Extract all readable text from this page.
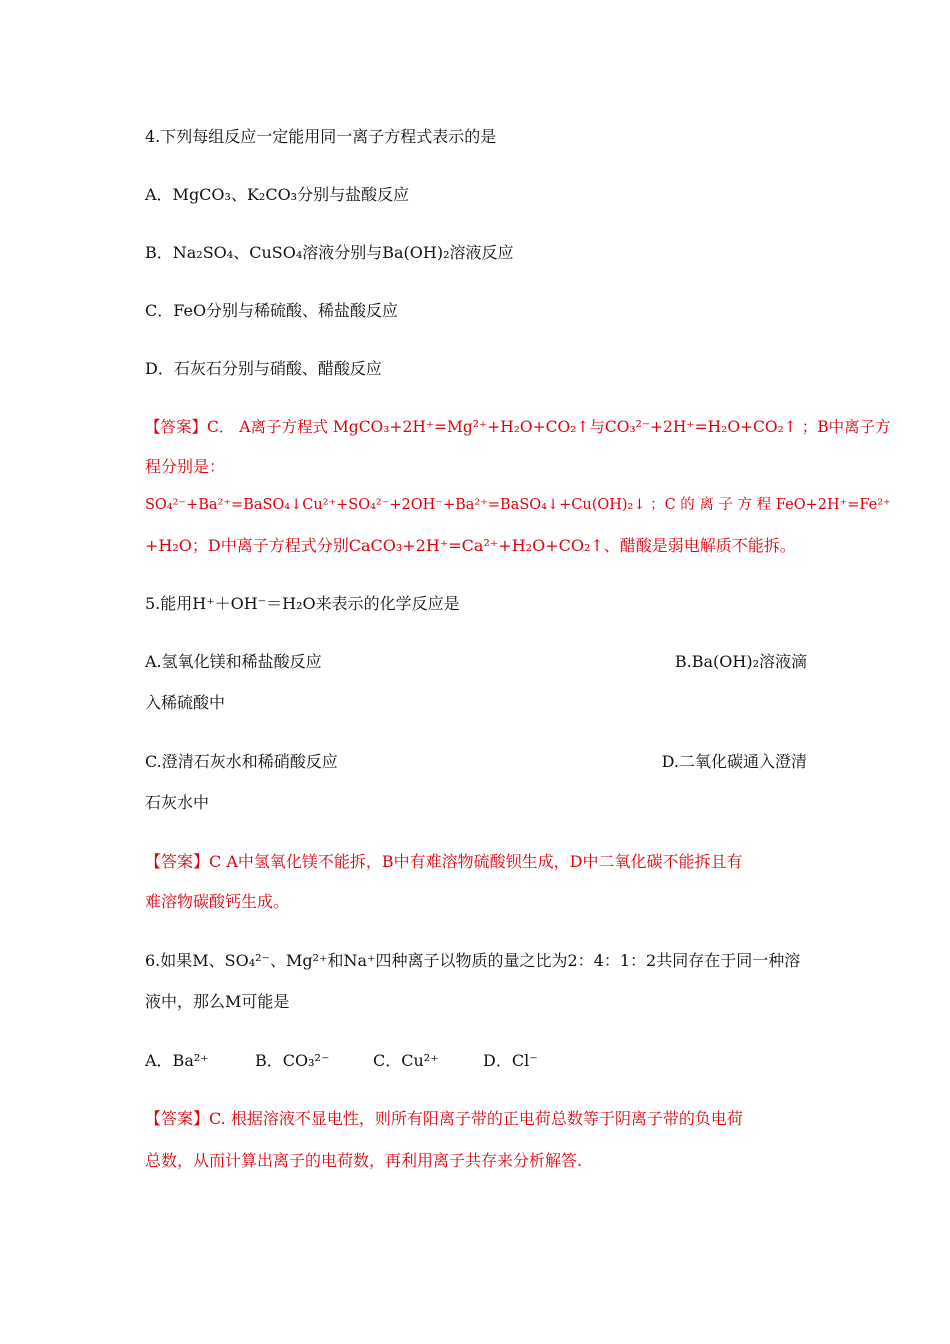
4.下列每组反应一定能用同一离子方程式表示的是
A．MgCO₃、K₂CO₃分别与盐酸反应
B．Na₂SO₄、CuSO₄溶液分别与Ba(OH)₂溶液反应
C．FeO分别与稀硫酸、稀盐酸反应
D．石灰石分别与硝酸、醋酸反应
【答案】C． A离子方程式 MgCO₃+2H⁺=Mg²⁺+H₂O+CO₂↑与CO₃²⁻+2H⁺=H₂O+CO₂↑ ；B中离子方
程分别是：
SO₄²⁻+Ba²⁺=BaSO₄↓Cu²⁺+SO₄²⁻+2OH⁻+Ba²⁺=BaSO₄↓+Cu(OH)₂↓ ；C 的 离 子 方 程 FeO+2H⁺=Fe²⁺
+H₂O；D中离子方程式分别CaCO₃+2H⁺=Ca²⁺+H₂O+CO₂↑、醋酸是弱电解质不能拆。
5.能用H⁺＋OH⁻＝H₂O来表示的化学反应是
A.氢氧化镁和稀盐酸反应	B.Ba(OH)₂溶液滴
入稀硫酸中
C.澄清石灰水和稀硝酸反应	D.二氧化碳通入澄清
石灰水中
【答案】C A中氢氧化镁不能拆，B中有难溶物硫酸钡生成，D中二氧化碳不能拆且有
难溶物碳酸钙生成。
6.如果M、SO₄²⁻、Mg²⁺和Na⁺四种离子以物质的量之比为2：4：1：2共同存在于同一种溶
液中，那么M可能是
A．Ba²⁺	B．CO₃²⁻	C．Cu²⁺	D．Cl⁻
【答案】C. 根据溶液不显电性，则所有阳离子带的正电荷总数等于阴离子带的负电荷
总数，从而计算出离子的电荷数，再利用离子共存来分析解答.
